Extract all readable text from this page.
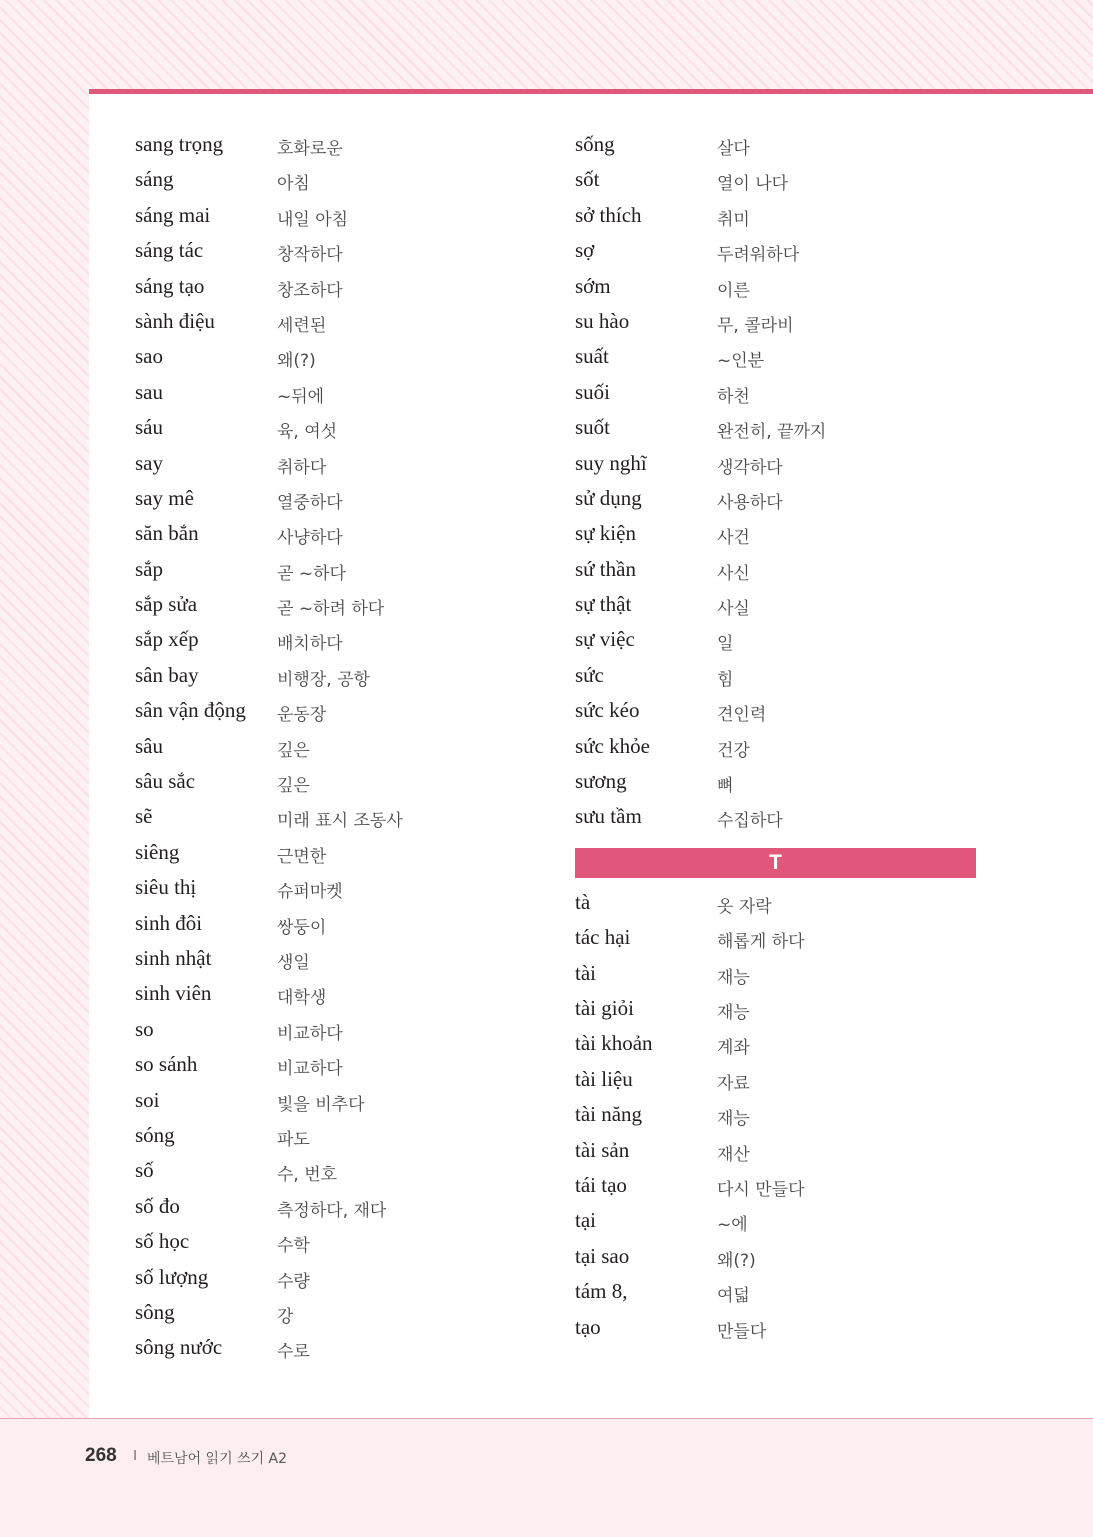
sang trọng	호화로운
sáng	아침
sáng mai	내일 아침
sáng tác	창작하다
sáng tạo	창조하다
sành điệu	세련된
sao	왜(?)
sau	~뒤에
sáu	육, 여섯
say	취하다
say mê	열중하다
săn bắn	사냥하다
sắp	곧 ~하다
sắp sửa	곧 ~하려 하다
sắp xếp	배치하다
sân bay	비행장, 공항
sân vận động 운동장
sâu	깊은
sâu sắc	깊은
sẽ	미래 표시 조동사
siêng	근면한
siêu thị	슈퍼마켓
sinh đôi	쌍둥이
sinh nhật	생일
sinh viên	대학생
so	비교하다
so sánh	비교하다
soi	빛을 비추다
sóng	파도
số	수, 번호
số đo	측정하다, 재다
số học	수학
số lượng	수량
sông	강
sông nước	수로
sống	살다
sốt	열이 나다
sở thích	취미
sợ	두려워하다
sớm	이른
su hào	무, 콜라비
suất	~인분
suối	하천
suốt	완전히, 끝까지
suy nghĩ	생각하다
sử dụng	사용하다
sự kiện	사건
sứ thần	사신
sự thật	사실
sự việc	일
sức	힘
sức kéo	견인력
sức khỏe	건강
sương	뼈
sưu tầm	수집하다
T
tà	옷 자락
tác hại	해롭게 하다
tài	재능
tài giỏi	재능
tài khoản	계좌
tài liệu	자료
tài năng	재능
tài sản	재산
tái tạo	다시 만들다
tại	~에
tại sao	왜(?)
tám 8,	여덟
tạo	만들다
268 I 베트남어 읽기 쓰기 A2
